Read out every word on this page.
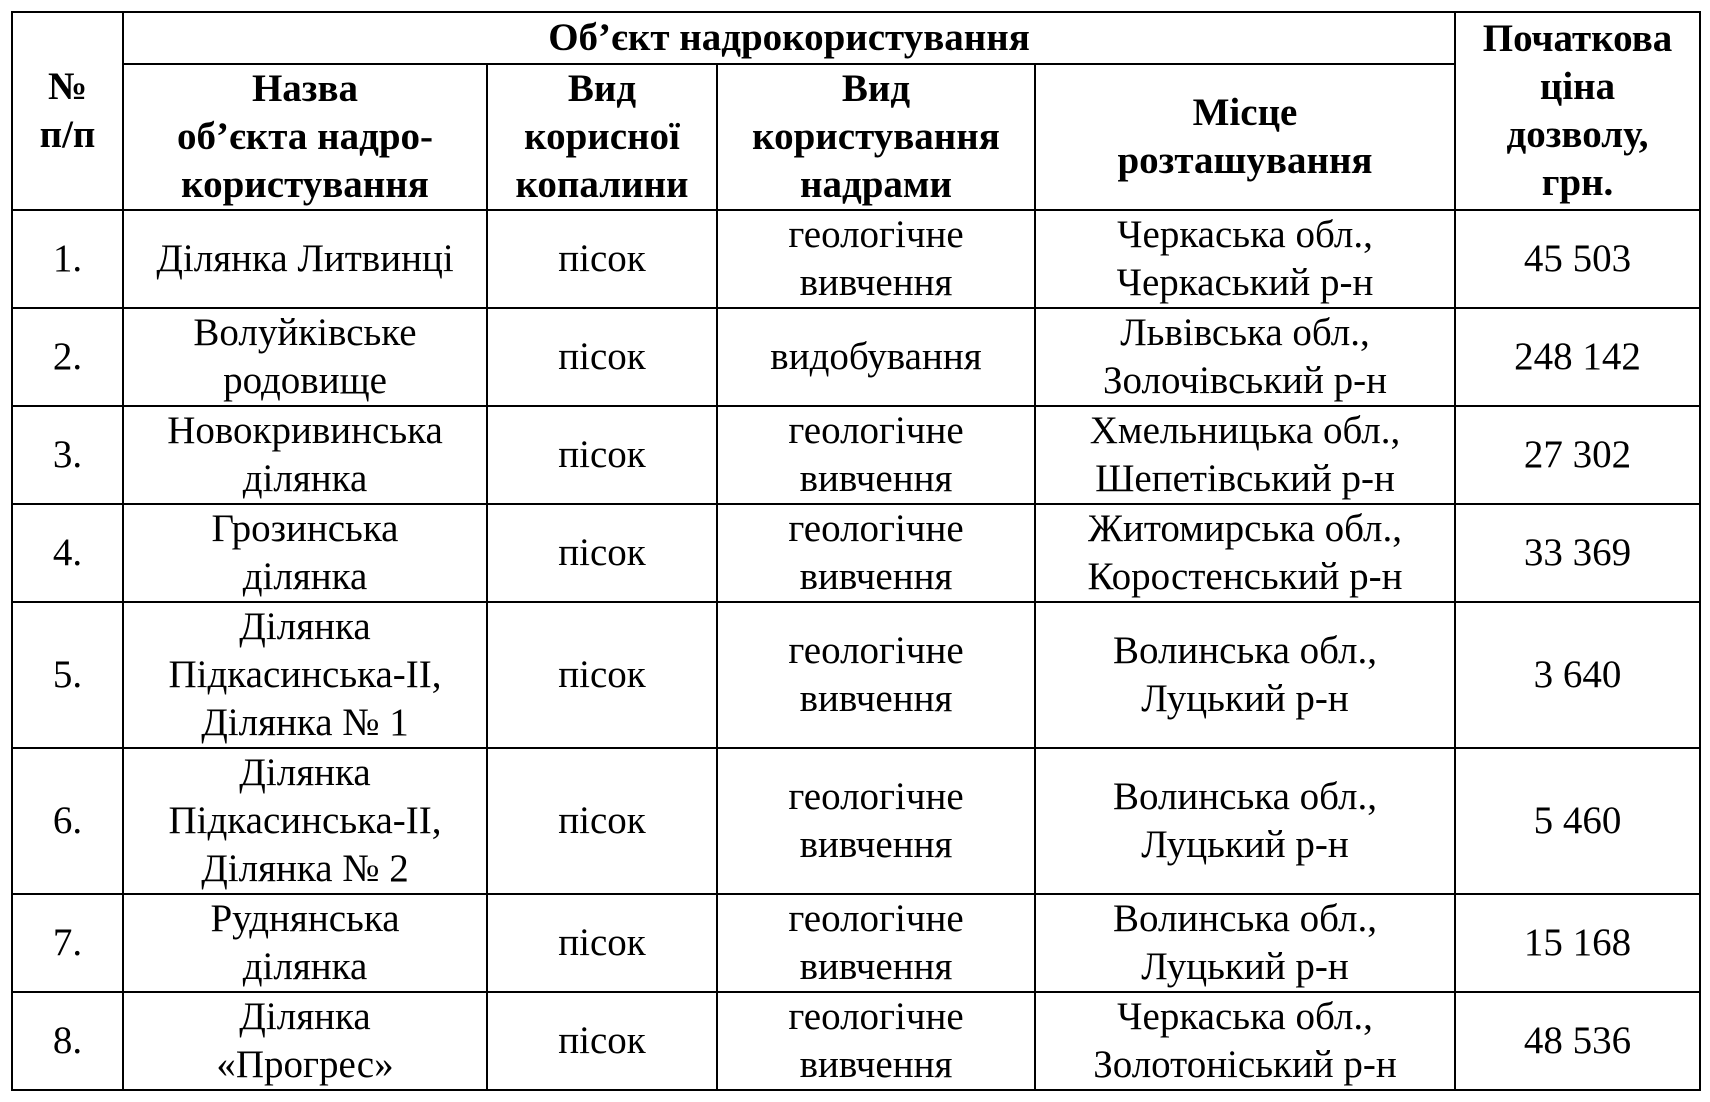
№
п/п	Об’єкт надрокористування				Початкова
ціна
дозволу,
грн.

	Назва
об’єкта надро-
користування	Вид
корисної
копалини	Вид
користування
надрами	Місце
розташування	

1.	Ділянка Литвинці	пісок	геологічне
вивчення	Черкаська обл.,
Черкаський р-н	45 503
2.	Волуйківське
родовище	пісок	видобування	Львівська обл.,
Золочівський р-н	248 142
3.	Новокривинська
ділянка	пісок	геологічне
вивчення	Хмельницька обл.,
Шепетівський р-н	27 302
4.	Грозинська
ділянка	пісок	геологічне
вивчення	Житомирська обл.,
Коростенський р-н	33 369
5.	Ділянка
Підкасинська-ІІ,
Ділянка № 1	пісок	геологічне
вивчення	Волинська обл.,
Луцький р-н	3 640
6.	Ділянка
Підкасинська-ІІ,
Ділянка № 2	пісок	геологічне
вивчення	Волинська обл.,
Луцький р-н	5 460
7.	Руднянська
ділянка	пісок	геологічне
вивчення	Волинська обл.,
Луцький р-н	15 168
8.	Ділянка
«Прогрес»	пісок	геологічне
вивчення	Черкаська обл.,
Золотоніський р-н	48 536
